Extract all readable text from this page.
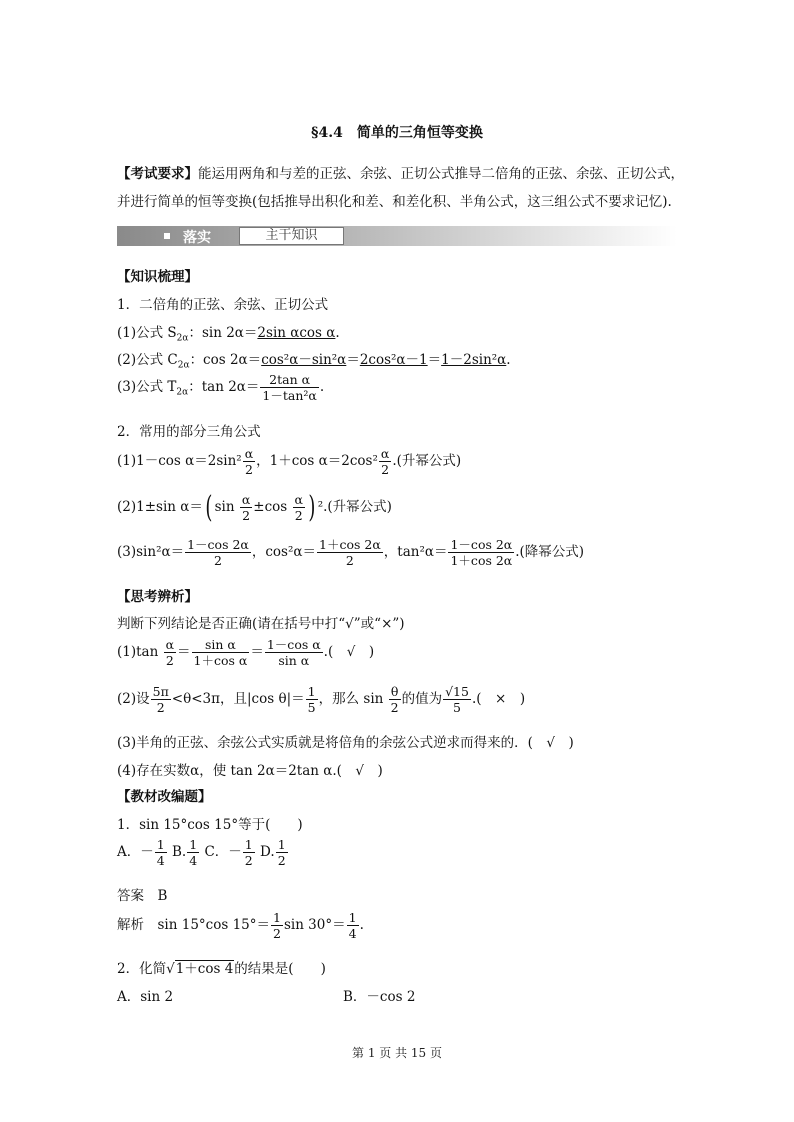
§4.4　简单的三角恒等变换
【考试要求】能运用两角和与差的正弦、余弦、正切公式推导二倍角的正弦、余弦、正切公式，并进行简单的恒等变换(包括推导出积化和差、和差化积、半角公式，这三组公式不要求记忆).
落实	主干知识
【知识梳理】
1．二倍角的正弦、余弦、正切公式
(1)公式 $S_{2\alpha}$：sin 2α＝2sin αcos α.
(2)公式 $C_{2\alpha}$：cos 2α＝cos²α－sin²α＝2cos²α－1＝1－2sin²α.
(3)公式 $T_{2\alpha}$：$\tan 2\alpha= \frac{\text{2tan α}}{\text{1－tan²α}}$ .
2．常用的部分三角公式
(1)1－cos $\alpha=2\sin^2 \frac{\alpha}{2}$ ，1＋cos $\alpha=2\cos^2 \frac{\alpha}{2}$ .(升幂公式)
(2)1±sin α＝( $\sin \frac{\alpha}{2} \pm\cos \frac{\alpha}{2}$ ) ².(升幂公式)
$(3)\sin^2\alpha= \frac{1-\cos 2\alpha}{2}$ ，$\cos^2\alpha= \frac{1+\cos 2\alpha}{2}$ ，$\tan^2\alpha= \frac{1-\cos 2\alpha}{1+\cos 2\alpha}$ .(降幂公式)
【思考辨析】
判断下列结论是否正确(请在括号中打“√”或“×”)
$(1)\tan \frac{\alpha}{2} = \frac{\text{sin α}}{\text{1＋cos α}} = \frac{\text{1－cos α}}{\text{sin α}}$ .(　√　)
(2)设 $\frac{5\pi}{2} <\theta<3\pi$，且|cos $\theta|= \frac{1}{5}$ ，那么 $\sin \frac{\theta}{2}$ 的值为 $\frac{√15}{5}$ .(　×　)
(3)半角的正弦、余弦公式实质就是将倍角的余弦公式逆求而得来的．(　√　)
(4)存在实数α，使 tan 2α＝2tan α.(　√　)
【教材改编题】
1．sin 15°cos 15°等于(　　)
A．－ $\frac{1}{4} B$. $\frac{1}{4}$ C．－ $\frac{1}{2} D$. $\frac{1}{2}$
答案　B
解析　sin 15°cos $15^\circ= \frac{1}{2}$ $\sin 30^\circ= \frac{1}{4}$ .
2．化简√1＋cos 4的结果是(　　)
A．sin 2	B．－cos 2
第 1 页 共 15 页
